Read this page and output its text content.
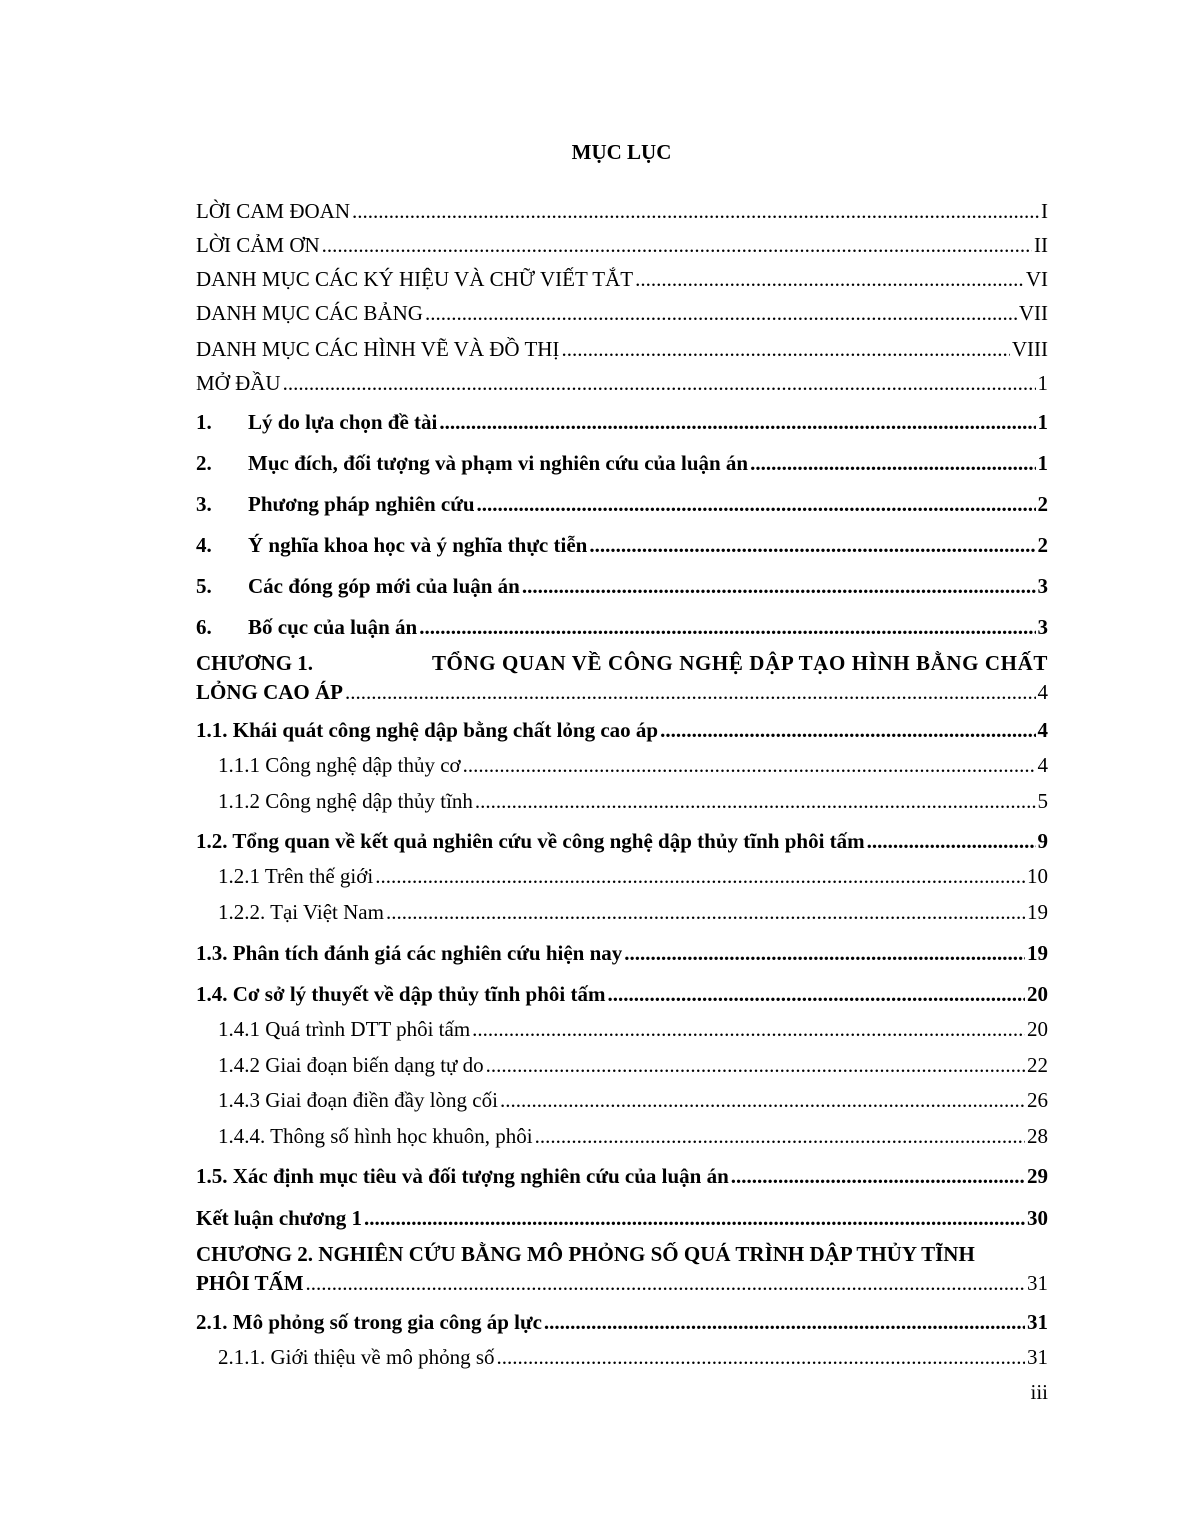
MỤC LỤC
LỜI CAM ĐOAN .....	I
LỜI CẢM ƠN .....	II
DANH MỤC CÁC KÝ HIỆU VÀ CHỮ VIẾT TẮT .....	VI
DANH MỤC CÁC BẢNG .....	VII
DANH MỤC CÁC HÌNH VẼ VÀ ĐỒ THỊ .....	VIII
MỞ ĐẦU .....	1
1.	Lý do lựa chọn đề tài .....	1
2.	Mục đích, đối tượng và phạm vi nghiên cứu của luận án .....	1
3.	Phương pháp nghiên cứu .....	2
4.	Ý nghĩa khoa học và ý nghĩa thực tiễn .....	2
5.	Các đóng góp mới của luận án .....	3
6.	Bố cục của luận án .....	3
CHƯƠNG 1.	TỔNG QUAN VỀ CÔNG NGHỆ DẬP TẠO HÌNH BẰNG CHẤT
LỎNG CAO ÁP .....	4
1.1. Khái quát công nghệ dập bằng chất lỏng cao áp .....	4
1.1.1 Công nghệ dập thủy cơ .....	4
1.1.2 Công nghệ dập thủy tĩnh .....	5
1.2. Tổng quan về kết quả nghiên cứu về công nghệ dập thủy tĩnh phôi tấm .....	9
1.2.1 Trên thế giới .....	10
1.2.2. Tại Việt Nam .....	19
1.3. Phân tích đánh giá các nghiên cứu hiện nay .....	19
1.4. Cơ sở lý thuyết về dập thủy tĩnh phôi tấm .....	20
1.4.1 Quá trình DTT phôi tấm .....	20
1.4.2 Giai đoạn biến dạng tự do .....	22
1.4.3 Giai đoạn điền đầy lòng cối .....	26
1.4.4. Thông số hình học khuôn, phôi .....	28
1.5. Xác định mục tiêu và đối tượng nghiên cứu của luận án .....	29
Kết luận chương 1 .....	30
CHƯƠNG 2. NGHIÊN CỨU BẰNG MÔ PHỎNG SỐ QUÁ TRÌNH DẬP THỦY TĨNH
PHÔI TẤM .....	31
2.1. Mô phỏng số trong gia công áp lực .....	31
2.1.1. Giới thiệu về mô phỏng số .....	31
iii
